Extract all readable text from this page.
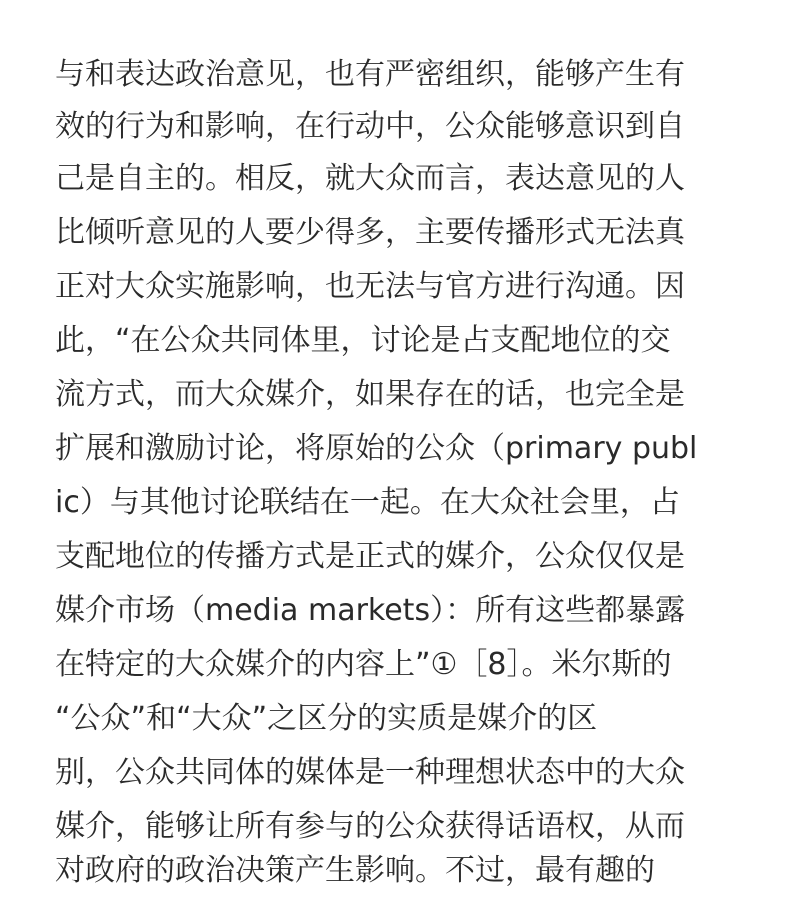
与和表达政治意见，也有严密组织，能够产生有
效的行为和影响，在行动中，公众能够意识到自
己是自主的。相反，就大众而言，表达意见的人
比倾听意见的人要少得多，主要传播形式无法真
正对大众实施影响，也无法与官方进行沟通。因
此，“在公众共同体里，讨论是占支配地位的交
流方式，而大众媒介，如果存在的话，也完全是
扩展和激励讨论，将原始的公众（primary publ
ic）与其他讨论联结在一起。在大众社会里，占
支配地位的传播方式是正式的媒介，公众仅仅是
媒介市场（media markets）：所有这些都暴露
在特定的大众媒介的内容上”①［8］。米尔斯的
“公众”和“大众”之区分的实质是媒介的区
别，公众共同体的媒体是一种理想状态中的大众
媒介，能够让所有参与的公众获得话语权，从而
对政府的政治决策产生影响。不过，最有趣的
